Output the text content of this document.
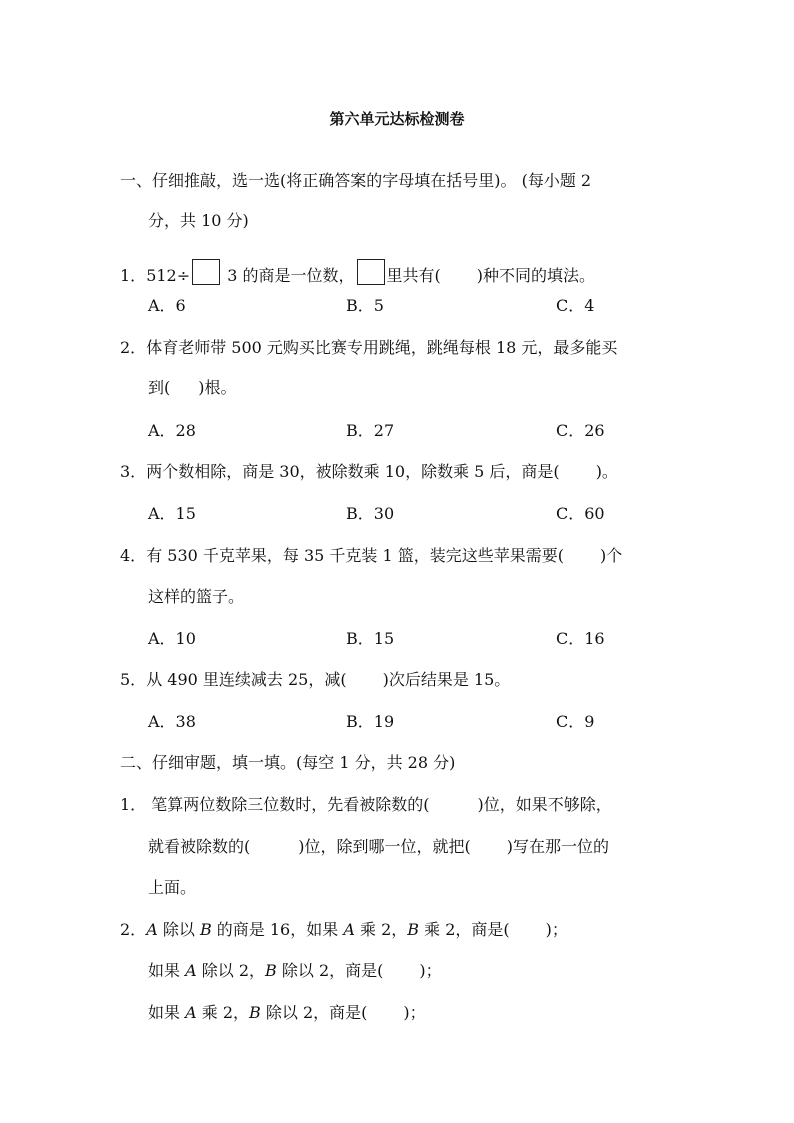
第六单元达标检测卷
一、仔细推敲，选一选(将正确答案的字母填在括号里)。 (每小题 2
分，共 10 分)
1．512÷ 3 的商是一位数， 里共有( )种不同的填法。
A．6	B．5	C．4
2．体育老师带 500 元购买比赛专用跳绳，跳绳每根 18 元，最多能买
到( )根。
A．28	B．27	C．26
3．两个数相除，商是 30，被除数乘 10，除数乘 5 后，商是( )。
A．15	B．30	C．60
4．有 530 千克苹果，每 35 千克装 1 篮，装完这些苹果需要( )个
这样的篮子。
A．10	B．15	C．16
5．从 490 里连续减去 25，减( )次后结果是 15。
A．38	B．19	C．9
二、仔细审题，填一填。(每空 1 分，共 28 分)
1． 笔算两位数除三位数时，先看被除数的(	)位，如果不够除，
就看被除数的(	)位，除到哪一位，就把( )写在那一位的
上面。
2．A 除以 B 的商是 16，如果 A 乘 2，B 乘 2，商是( )；
如果 A 除以 2，B 除以 2，商是( )；
如果 A 乘 2，B 除以 2，商是( )；
